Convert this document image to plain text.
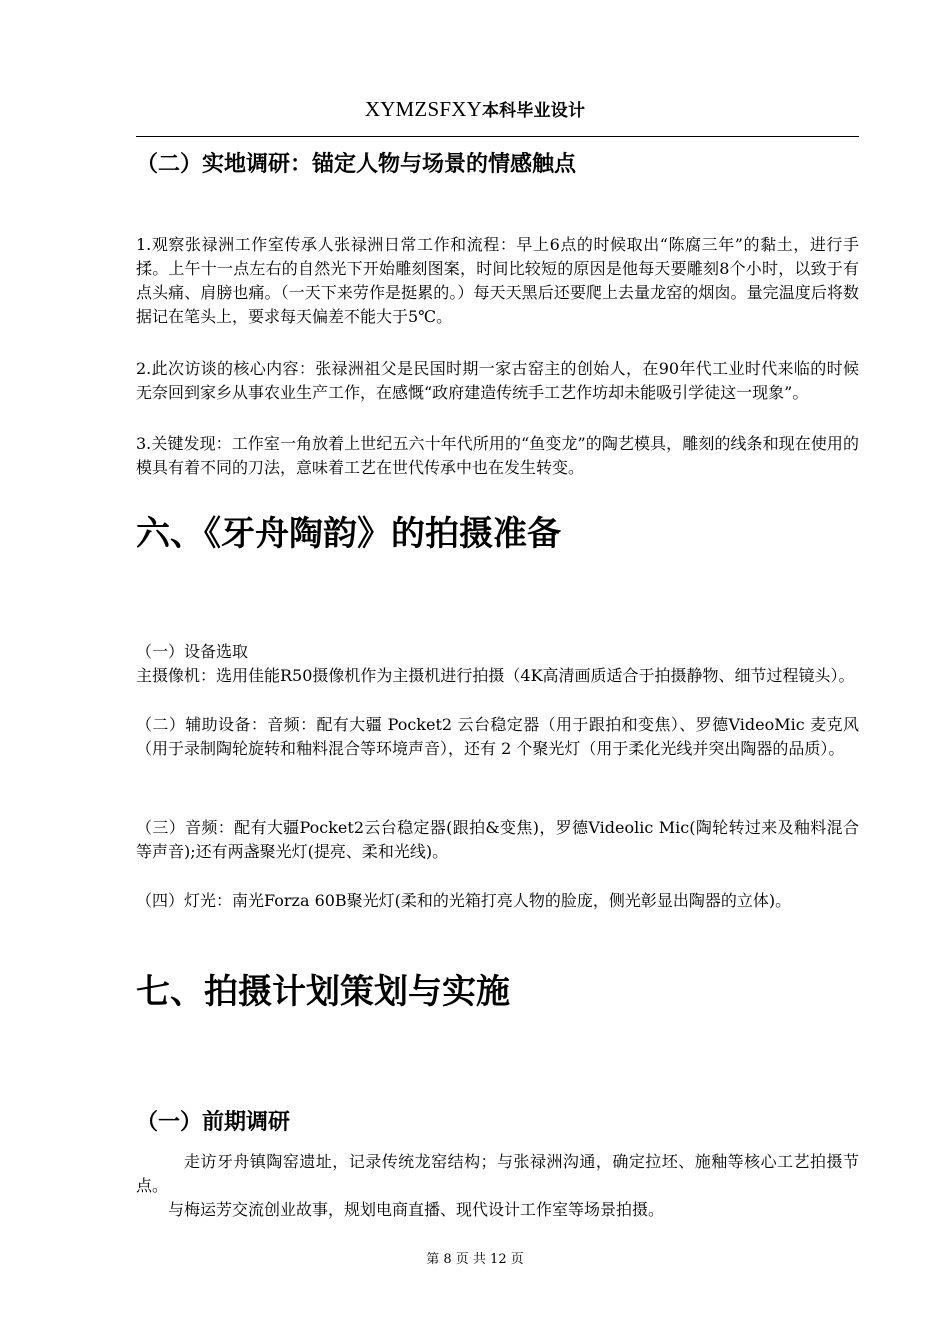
XYMZSFXY本科毕业设计
（二）实地调研：锚定人物与场景的情感触点
1.观察张禄洲工作室传承人张禄洲日常工作和流程：早上6点的时候取出“陈腐三年”的黏土，进行手揉。上午十一点左右的自然光下开始雕刻图案，时间比较短的原因是他每天要雕刻8个小时，以致于有点头痛、肩膀也痛。（一天下来劳作是挺累的。）每天天黑后还要爬上去量龙窑的烟囱。量完温度后将数据记在笔头上，要求每天偏差不能大于5℃。
2.此次访谈的核心内容：张禄洲祖父是民国时期一家古窑主的创始人，在90年代工业时代来临的时候无奈回到家乡从事农业生产工作，在感慨“政府建造传统手工艺作坊却未能吸引学徒这一现象”。
3.关键发现：工作室一角放着上世纪五六十年代所用的“鱼变龙”的陶艺模具，雕刻的线条和现在使用的模具有着不同的刀法，意味着工艺在世代传承中也在发生转变。
六、《牙舟陶韵》的拍摄准备
（一）设备选取
主摄像机：选用佳能R50摄像机作为主摄机进行拍摄（4K高清画质适合于拍摄静物、细节过程镜头）。
（二）辅助设备：音频：配有大疆 Pocket2 云台稳定器（用于跟拍和变焦）、罗德VideoMic 麦克风（用于录制陶轮旋转和釉料混合等环境声音），还有 2 个聚光灯（用于柔化光线并突出陶器的品质）。
（三）音频：配有大疆Pocket2云台稳定器(跟拍&变焦)，罗德Videolic Mic(陶轮转过来及釉料混合等声音);还有两盏聚光灯(提亮、柔和光线)。
（四）灯光：南光Forza 60B聚光灯(柔和的光箱打亮人物的脸庞，侧光彰显出陶器的立体)。
七、拍摄计划策划与实施
（一）前期调研
走访牙舟镇陶窑遗址，记录传统龙窑结构；与张禄洲沟通，确定拉坯、施釉等核心工艺拍摄节点。
与梅运芳交流创业故事，规划电商直播、现代设计工作室等场景拍摄。
第 8 页 共 12 页
